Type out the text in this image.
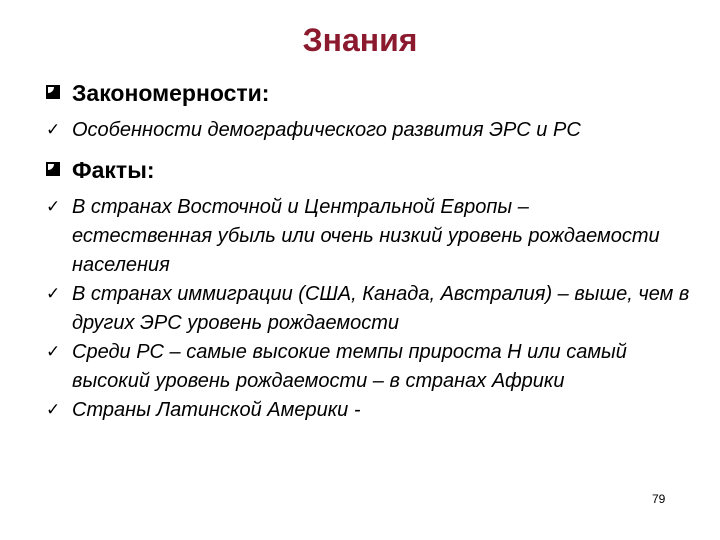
Знания
Закономерности:
✓ Особенности демографического развития ЭРС и РС
Факты:
✓ В странах Восточной и Центральной Европы – естественная убыль или очень низкий уровень рождаемости населения
✓ В странах иммиграции (США, Канада, Австралия) – выше, чем в других ЭРС уровень рождаемости
✓ Среди РС – самые высокие темпы прироста Н или самый высокий уровень рождаемости – в странах Африки
✓ Страны Латинской Америки -
79
